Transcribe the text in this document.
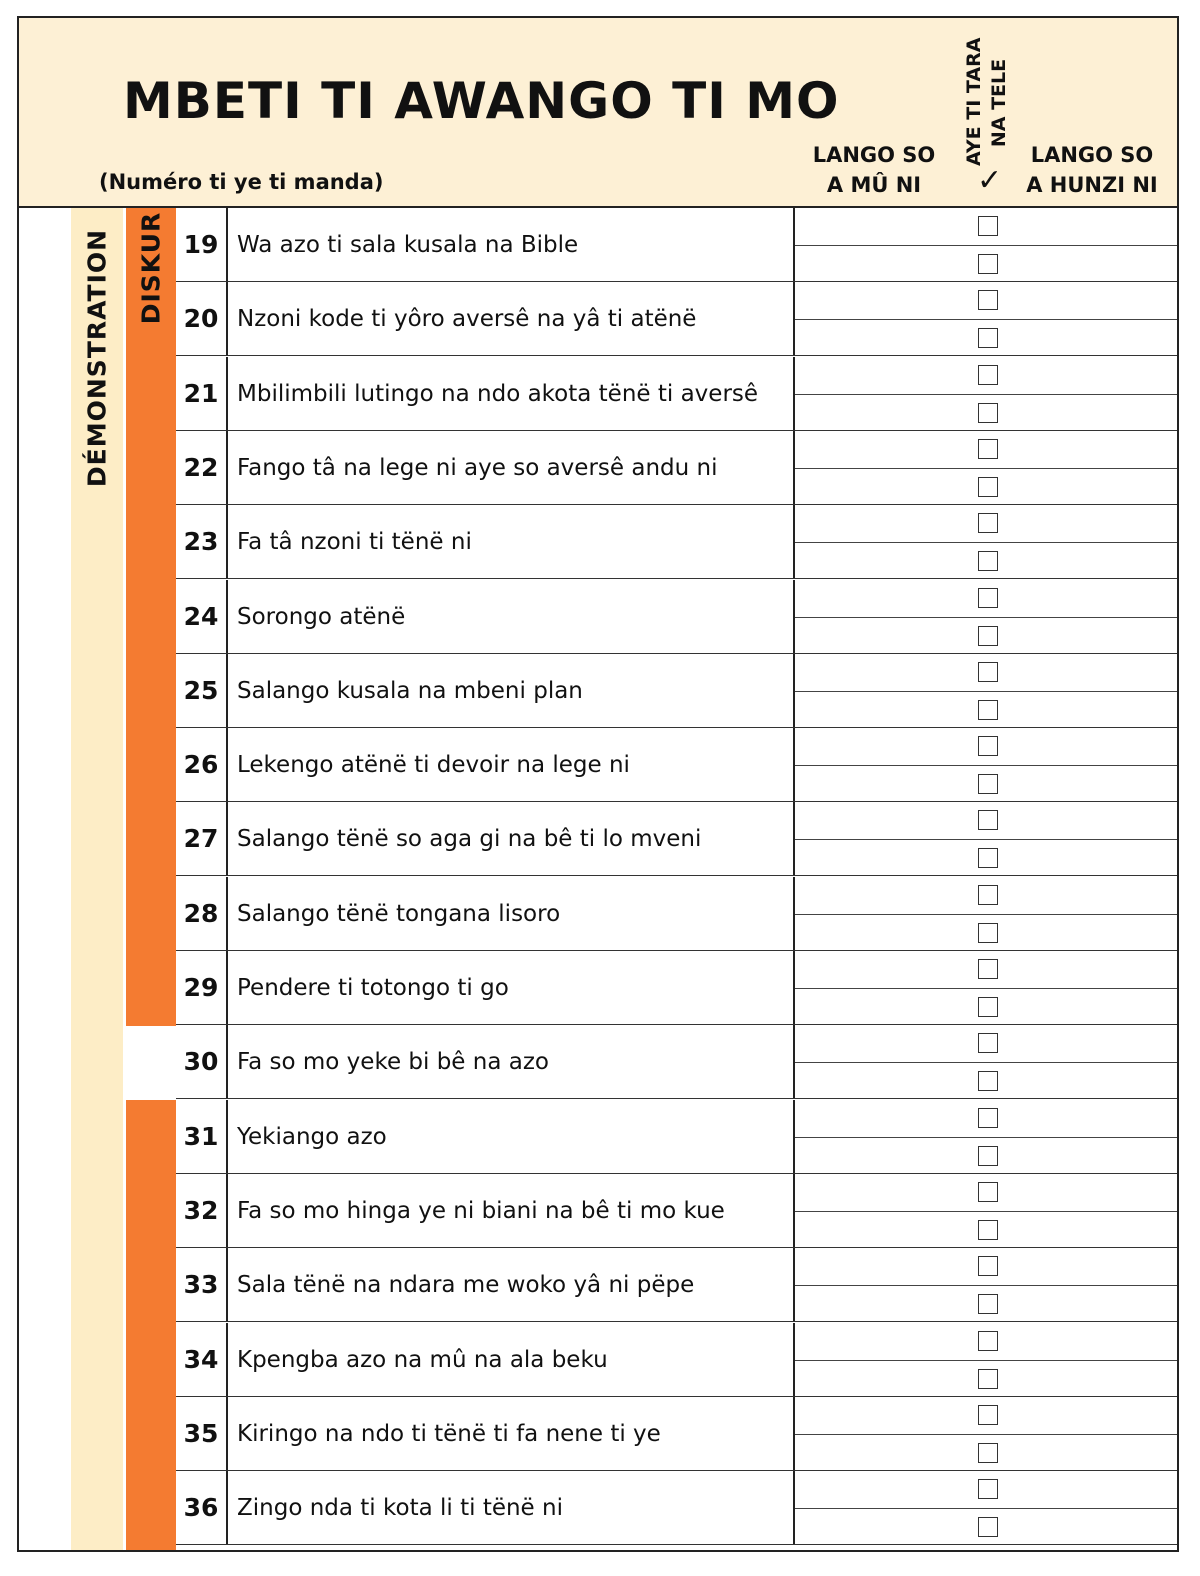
MBETI TI AWANGO TI MO
(Numéro ti ye ti manda)
LANGO SO
A MÛ NI
AYE TI TARA NA TELE
✓
LANGO SO
A HUNZI NI
DÉMONSTRATION DISKUR 19 Wa azo ti sala kusala na Bible
20 Nzoni kode ti yôro aversê na yâ ti atënë
21 Mbilimbili lutingo na ndo akota tënë ti aversê
22 Fango tâ na lege ni aye so aversê andu ni
23 Fa tâ nzoni ti tënë ni
24 Sorongo atënë
25 Salango kusala na mbeni plan
26 Lekengo atënë ti devoir na lege ni
27 Salango tënë so aga gi na bê ti lo mveni
28 Salango tënë tongana lisoro
29 Pendere ti totongo ti go
30 Fa so mo yeke bi bê na azo
31 Yekiango azo
32 Fa so mo hinga ye ni biani na bê ti mo kue
33 Sala tënë na ndara me woko yâ ni pëpe
34 Kpengba azo na mû na ala beku
35 Kiringo na ndo ti tënë ti fa nene ti ye
36 Zingo nda ti kota li ti tënë ni
